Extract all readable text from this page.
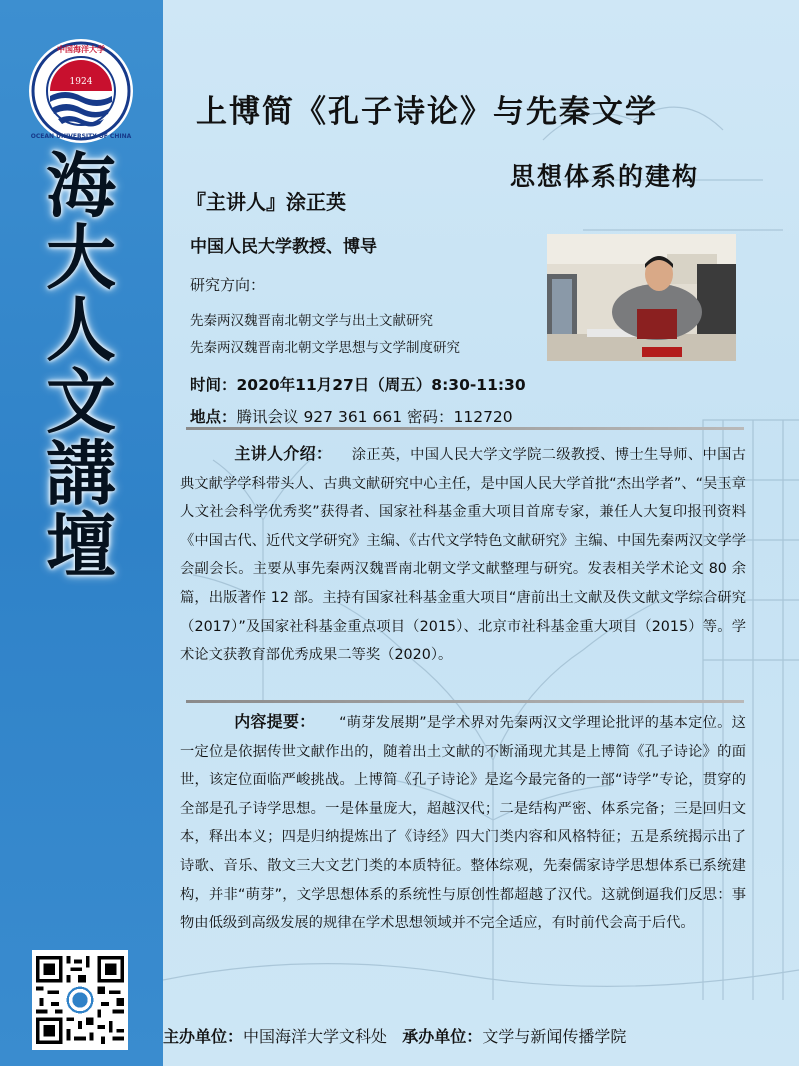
1924
中国海洋大学
OCEAN UNIVERSITY OF CHINA
海
大
人
文
講
壇
上博简《孔子诗论》与先秦文学
思想体系的建构
『主讲人』涂正英
中国人民大学教授、博导
研究方向：
先秦两汉魏晋南北朝文学与出土文献研究
先秦两汉魏晋南北朝文学思想与文学制度研究
时间：2020年11月27日（周五）8:30-11:30
地点：腾讯会议 927 361 661 密码：112720
主讲人介绍： 涂正英，中国人民大学文学院二级教授、博士生导师、中国古典文献学学科带头人、古典文献研究中心主任，是中国人民大学首批“杰出学者”、“吴玉章人文社会科学优秀奖”获得者、国家社科基金重大项目首席专家，兼任人大复印报刊资料《中国古代、近代文学研究》主编、《古代文学特色文献研究》主编、中国先秦两汉文学学会副会长。主要从事先秦两汉魏晋南北朝文学文献整理与研究。发表相关学术论文 80 余篇，出版著作 12 部。主持有国家社科基金重大项目“唐前出土文献及佚文献文学综合研究（2017）”及国家社科基金重点项目（2015）、北京市社科基金重大项目（2015）等。学术论文获教育部优秀成果二等奖（2020）。
内容提要： “萌芽发展期”是学术界对先秦两汉文学理论批评的基本定位。这一定位是依据传世文献作出的，随着出土文献的不断涌现尤其是上博简《孔子诗论》的面世，该定位面临严峻挑战。上博简《孔子诗论》是迄今最完备的一部“诗学”专论，贯穿的全部是孔子诗学思想。一是体量庞大，超越汉代；二是结构严密、体系完备；三是回归文本，释出本义；四是归纳提炼出了《诗经》四大门类内容和风格特征；五是系统揭示出了诗歌、音乐、散文三大文艺门类的本质特征。整体综观，先秦儒家诗学思想体系已系统建构，并非“萌芽”，文学思想体系的系统性与原创性都超越了汉代。这就倒逼我们反思：事物由低级到高级发展的规律在学术思想领域并不完全适应，有时前代会高于后代。
主办单位：中国海洋大学文科处 承办单位：文学与新闻传播学院
